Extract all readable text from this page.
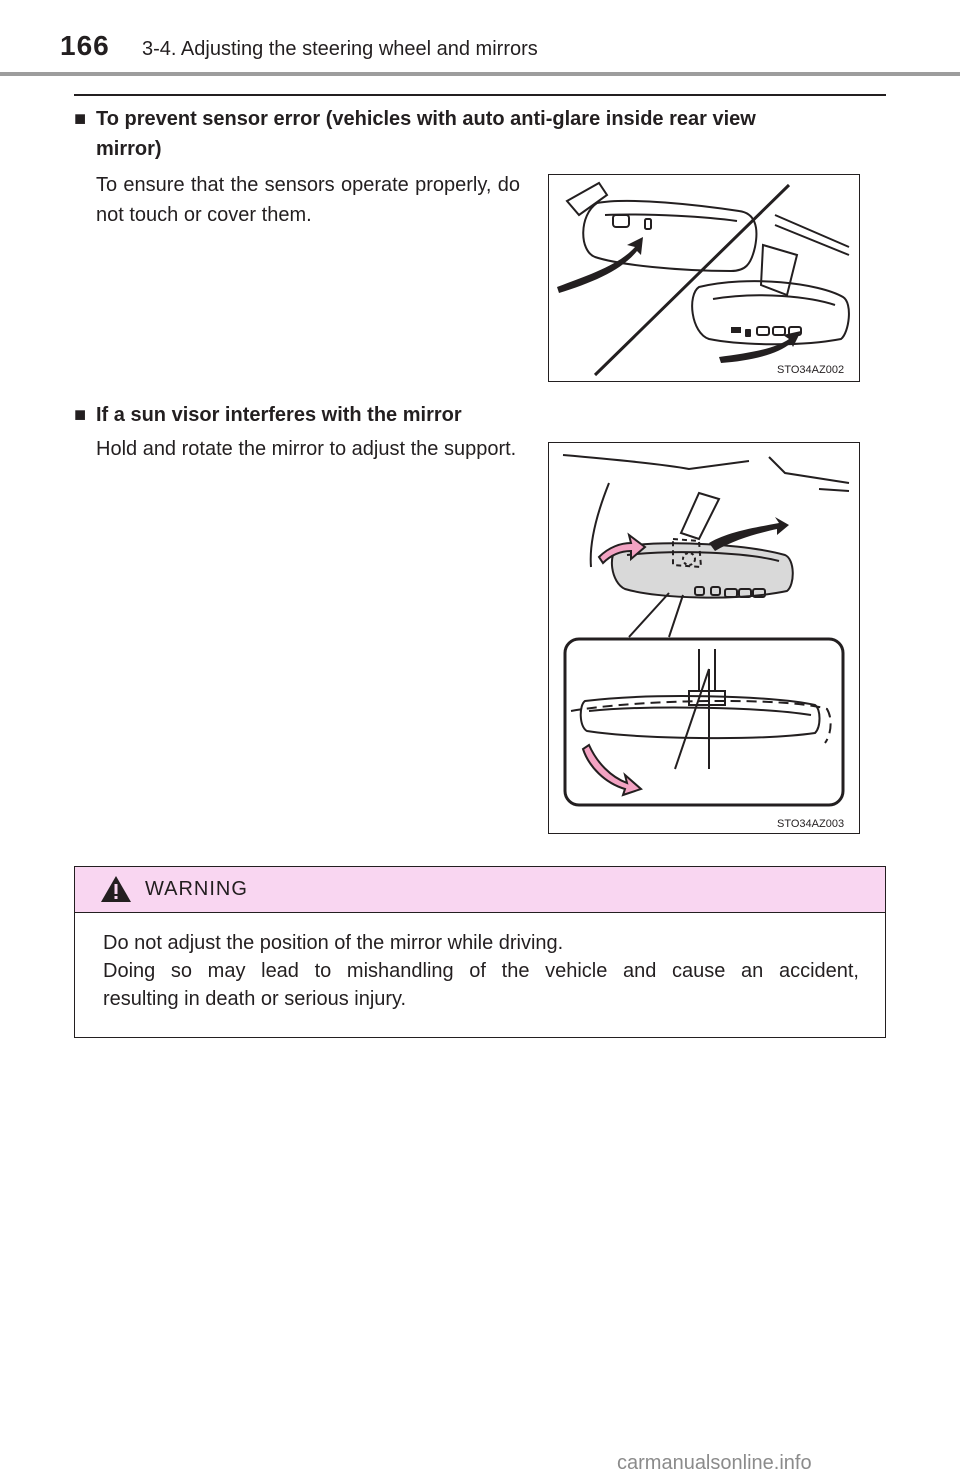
166 3-4. Adjusting the steering wheel and mirrors
■ To prevent sensor error (vehicles with auto anti-glare inside rear view
mirror)
To ensure that the sensors operate properly, do not touch or cover them.
STO34AZ002
■ If a sun visor interferes with the mirror
Hold and rotate the mirror to adjust the support.
STO34AZ003
WARNING
Do not adjust the position of the mirror while driving.
Doing so may lead to mishandling of the vehicle and cause an accident,
resulting in death or serious injury.
carmanualsonline.info
